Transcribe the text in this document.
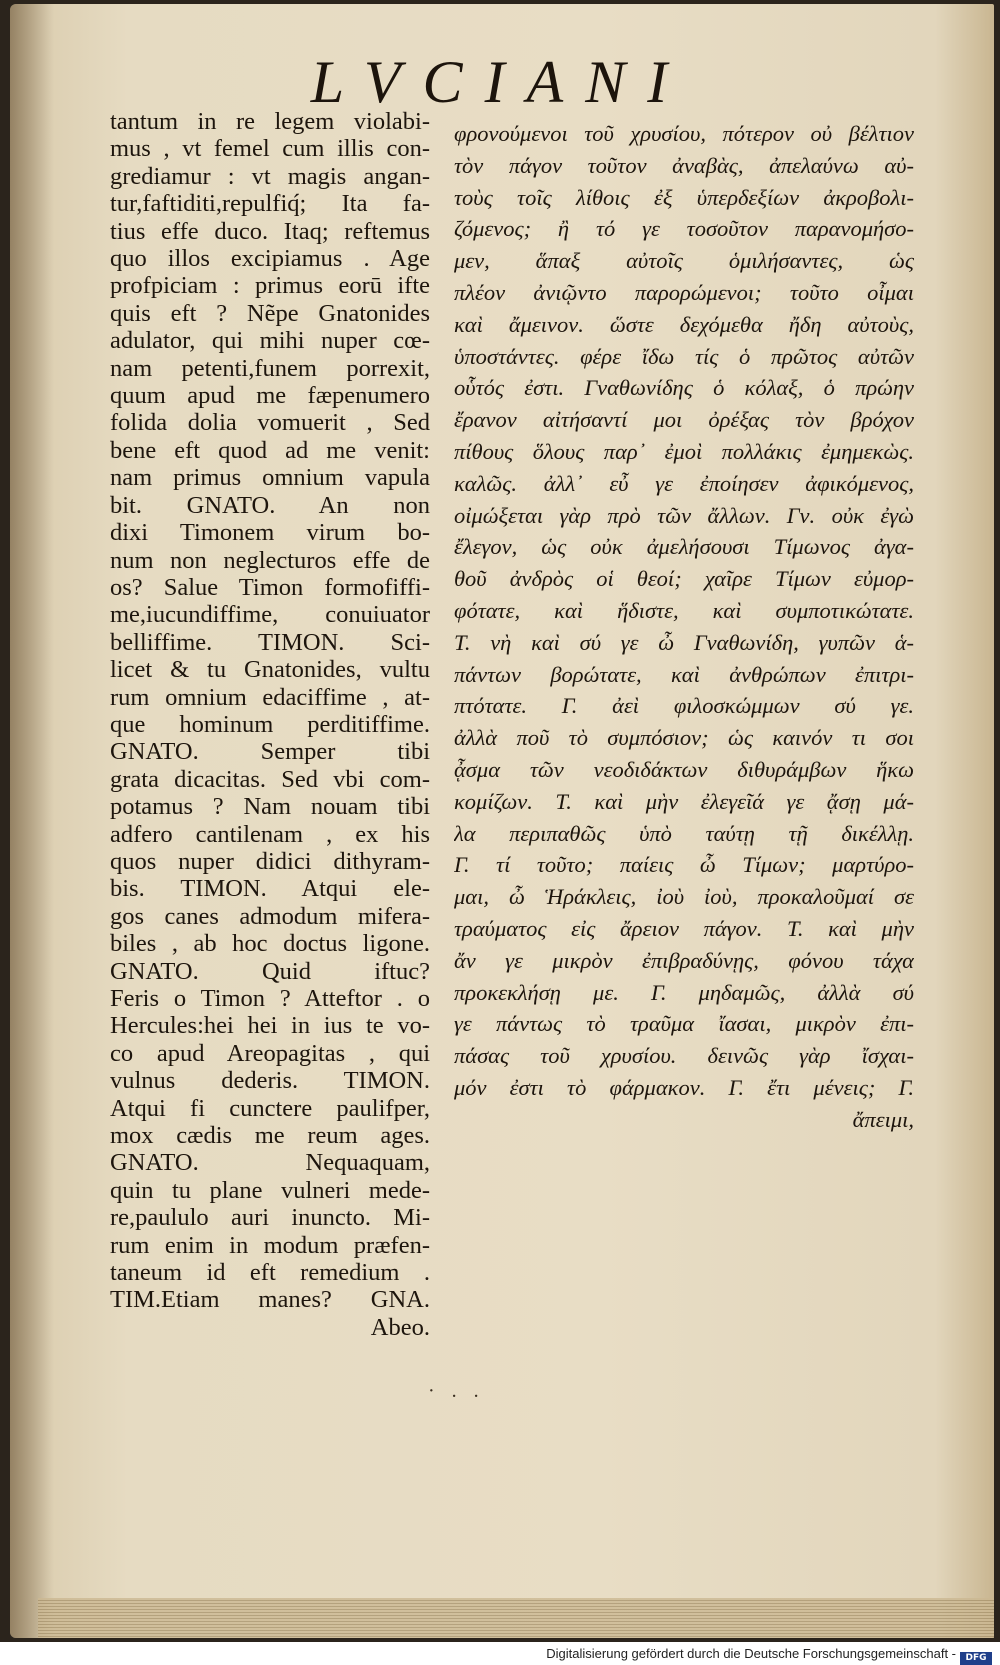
LVCIANI
tantum in re legem violabi-
mus , vt femel cum illis con-
grediamur : vt magis angan-
tur,faftiditi,repulfiq́; Ita fa-
tius effe duco. Itaq; reftemus
quo illos excipiamus . Age
profpiciam : primus eorū ifte
quis eft ? Nẽpe Gnatonides
adulator, qui mihi nuper cœ-
nam petenti,funem porrexit,
quum apud me fæpenumero
folida dolia vomuerit , Sed
bene eft quod ad me venit:
nam primus omnium vapula
bit. GNATO. An non
dixi Timonem virum bo-
num non neglecturos effe de
os? Salue Timon formofiffi-
me,iucundiffime, conuiuator
belliffime. TIMON. Sci-
licet & tu Gnatonides, vultu
rum omnium edaciffime , at-
que hominum perditiffime.
GNATO. Semper tibi
grata dicacitas. Sed vbi com-
potamus ? Nam nouam tibi
adfero cantilenam , ex his
quos nuper didici dithyram-
bis. TIMON. Atqui ele-
gos canes admodum mifera-
biles , ab hoc doctus ligone.
GNATO. Quid iftuc?
Feris o Timon ? Atteftor . o
Hercules:hei hei in ius te vo-
co apud Areopagitas , qui
vulnus dederis. TIMON.
Atqui fi cunctere paulifper,
mox cædis me reum ages.
GNATO. Nequaquam,
quin tu plane vulneri mede-
re,paululo auri inuncto. Mi-
rum enim in modum præfen-
taneum id eft remedium .
TIM.Etiam manes? GNA.
Abeo.
φρονούμενοι τοῦ χρυσίου, πότερον οὐ βέλτιον
τὸν πάγον τοῦτον ἀναβὰς, ἀπελαύνω αὐ-
τοὺς τοῖς λίθοις ἐξ ὑπερδεξίων ἀκροβολι-
ζόμενος; ἢ τό γε τοσοῦτον παρανομήσο-
μεν, ἅπαξ αὐτοῖς ὁμιλήσαντες, ὡς
πλέον ἀνιῷντο παρορώμενοι; τοῦτο οἶμαι
καὶ ἄμεινον. ὥστε δεχόμεθα ἤδη αὐτοὺς,
ὑποστάντες. φέρε ἴδω τίς ὁ πρῶτος αὐτῶν
οὗτός ἐστι. Γναθωνίδης ὁ κόλαξ, ὁ πρώην
ἔρανον αἰτήσαντί μοι ὀρέξας τὸν βρόχον
πίθους ὅλους παρ᾽ ἐμοὶ πολλάκις ἐμημεκὼς.
καλῶς. ἀλλ᾽ εὖ γε ἐποίησεν ἀφικόμενος,
οἰμώξεται γὰρ πρὸ τῶν ἄλλων. Γν. οὐκ ἐγὼ
ἔλεγον, ὡς οὐκ ἀμελήσουσι Τίμωνος ἀγα-
θοῦ ἀνδρὸς οἱ θεοί; χαῖρε Τίμων εὐμορ-
φότατε, καὶ ἥδιστε, καὶ συμποτικώτατε.
Τ. νὴ καὶ σύ γε ὦ Γναθωνίδη, γυπῶν ἁ-
πάντων βορώτατε, καὶ ἀνθρώπων ἐπιτρι-
πτότατε. Γ. ἀεὶ φιλοσκώμμων σύ γε.
ἀλλὰ ποῦ τὸ συμπόσιον; ὡς καινόν τι σοι
ᾆσμα τῶν νεοδιδάκτων διθυράμβων ἥκω
κομίζων. Τ. καὶ μὴν ἐλεγεῖά γε ᾄσῃ μά-
λα περιπαθῶς ὑπὸ ταύτῃ τῇ δικέλλῃ.
Γ. τί τοῦτο; παίεις ὦ Τίμων; μαρτύρο-
μαι, ὦ Ἡράκλεις, ἰοὺ ἰοὺ, προκαλοῦμαί σε
τραύματος εἰς ἄρειον πάγον. Τ. καὶ μὴν
ἄν γε μικρὸν ἐπιβραδύνῃς, φόνου τάχα
προκεκλήσῃ με. Γ. μηδαμῶς, ἀλλὰ σύ
γε πάντως τὸ τραῦμα ἴασαι, μικρὸν ἐπι-
πάσας τοῦ χρυσίου. δεινῶς γὰρ ἴσχαι-
μόν ἐστι τὸ φάρμακον. Γ. ἔτι μένεις; Γ.
ἄπειμι,
· . .
Digitalisierung gefördert durch die Deutsche Forschungsgemeinschaft - DFG
